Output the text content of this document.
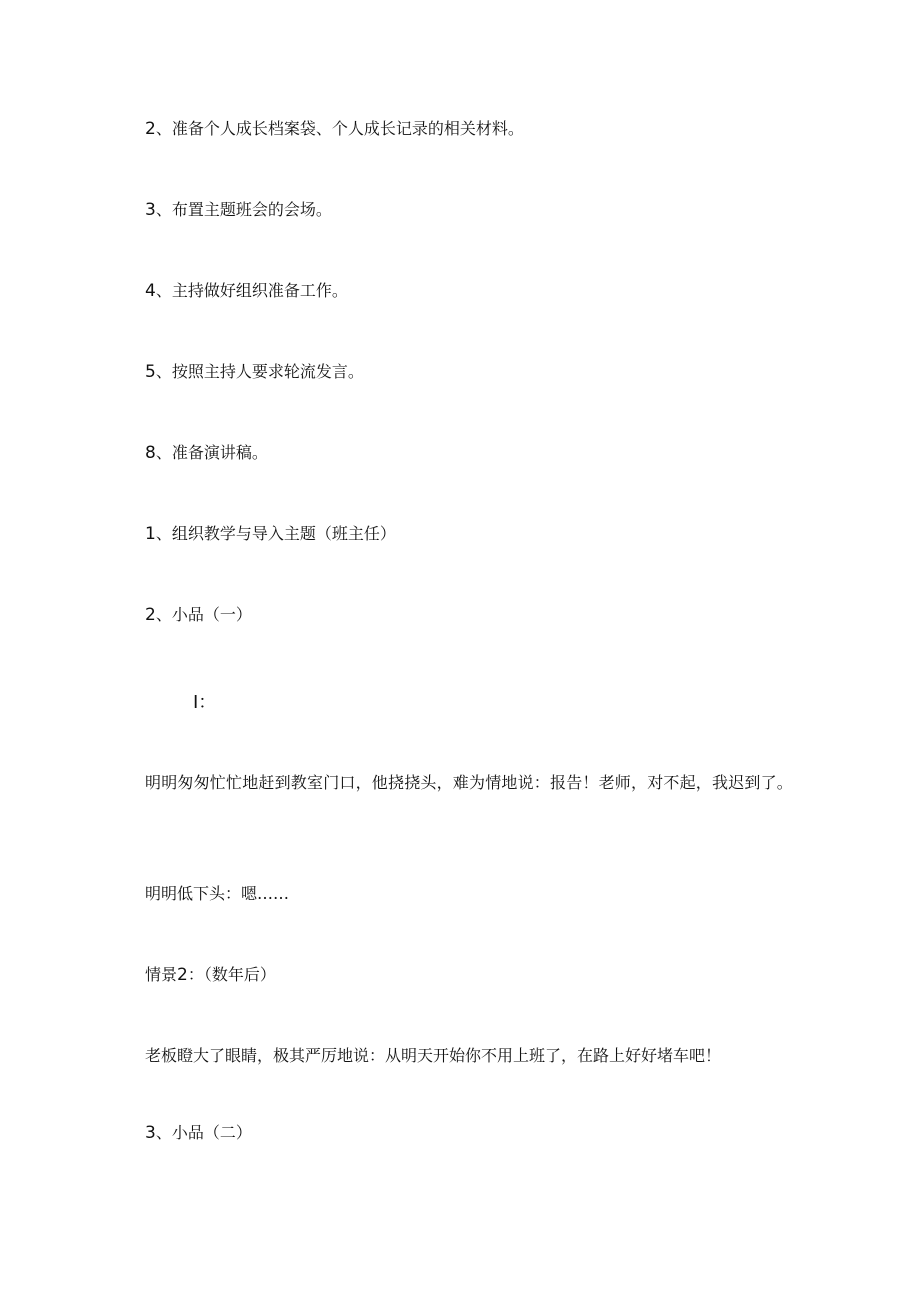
2、准备个人成长档案袋、个人成长记录的相关材料。
3、布置主题班会的会场。
4、主持做好组织准备工作。
5、按照主持人要求轮流发言。
8、准备演讲稿。
1、组织教学与导入主题（班主任）
2、小品（一）
I：
明明匆匆忙忙地赶到教室门口，他挠挠头，难为情地说：报告！老师，对不起，我迟到了。
明明低下头：嗯……
情景2：（数年后）
老板瞪大了眼睛，极其严厉地说：从明天开始你不用上班了，在路上好好堵车吧！
3、小品（二）
